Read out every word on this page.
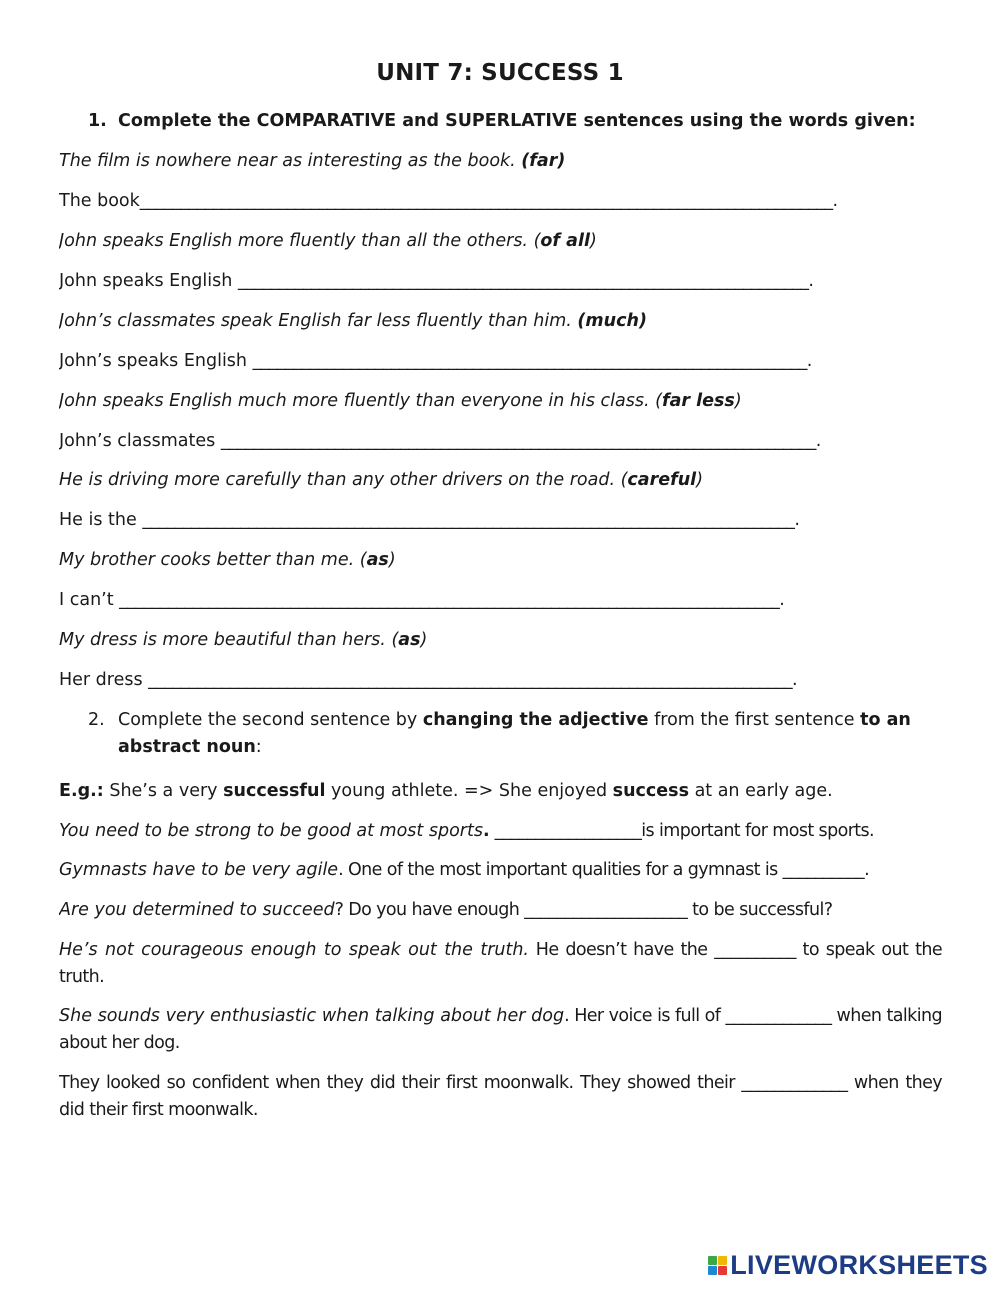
UNIT 7: SUCCESS 1
1. Complete the COMPARATIVE and SUPERLATIVE sentences using the words given:
The film is nowhere near as interesting as the book. (far)
The book_____________________________________________________________________________________.
John speaks English more fluently than all the others. (of all)
John speaks English ______________________________________________________________________.
John’s classmates speak English far less fluently than him. (much)
John’s speaks English ____________________________________________________________________.
John speaks English much more fluently than everyone in his class. (far less)
John’s classmates _________________________________________________________________________.
He is driving more carefully than any other drivers on the road. (careful)
He is the ________________________________________________________________________________.
My brother cooks better than me. (as)
I can’t _________________________________________________________________________________.
My dress is more beautiful than hers. (as)
Her dress _______________________________________________________________________________.
2. Complete the second sentence by changing the adjective from the first sentence to an
abstract noun:
E.g.: She’s a very successful young athlete. => She enjoyed success at an early age.
You need to be strong to be good at most sports. __________________is important for most sports.
Gymnasts have to be very agile. One of the most important qualities for a gymnast is __________.
Are you determined to succeed? Do you have enough ____________________ to be successful?
He’s not courageous enough to speak out the truth. He doesn’t have the __________ to speak out the truth.
She sounds very enthusiastic when talking about her dog. Her voice is full of _____________ when talking about her dog.
They looked so confident when they did their first moonwalk. They showed their _____________ when they did their first moonwalk.
LIVEWORKSHEETS
